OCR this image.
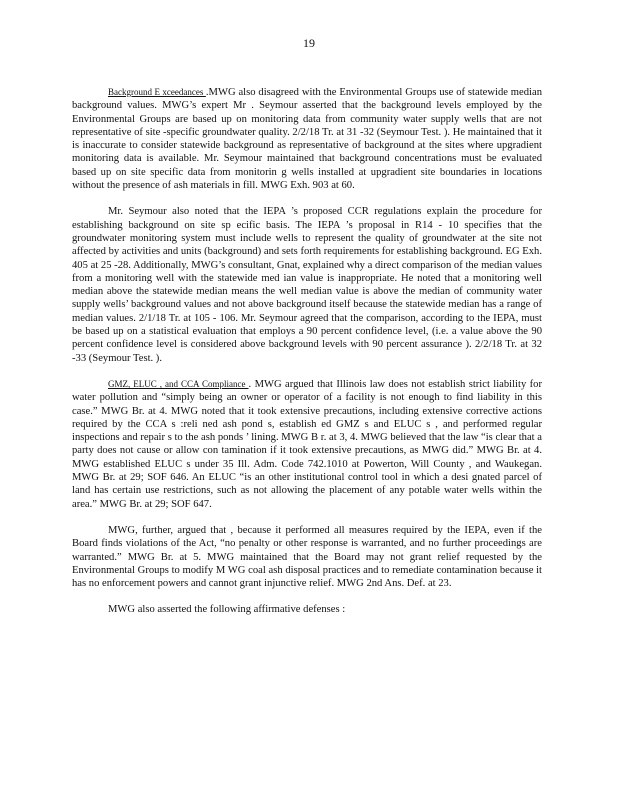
19

Background E xceedances .MWG also disagreed with the Environmental Groups use of statewide median background values. MWG’s expert Mr . Seymour asserted that the background levels employed by the Environmental Groups are based up on monitoring data from community water supply wells that are not representative of site -specific groundwater quality. 2/2/18 Tr. at 31 -32 (Seymour Test. ). He maintained that it is inaccurate to consider statewide background as representative of background at the sites where upgradient monitoring data is available. Mr. Seymour maintained that background concentrations must be evaluated based up on site specific data from monitorin g wells installed at upgradient site boundaries in locations without the presence of ash materials in fill. MWG Exh. 903 at 60.

Mr. Seymour also noted that the IEPA ’s proposed CCR regulations explain the procedure for establishing background on site sp ecific basis. The IEPA ’s proposal in R14 - 10 specifies that the groundwater monitoring system must include wells to represent the quality of groundwater at the site not affected by activities and units (background) and sets forth requirements for establishing background. EG Exh. 405 at 25 -28. Additionally, MWG’s consultant, Gnat, explained why a direct comparison of the median values from a monitoring well with the statewide med ian value is inappropriate. He noted that a monitoring well median above the statewide median means the well median value is above the median of community water supply wells’ background values and not above background itself because the statewide median has a range of median values. 2/1/18 Tr. at 105 - 106. Mr. Seymour agreed that the comparison, according to the IEPA, must be based up on a statistical evaluation that employs a 90 percent confidence level, (i.e. a value above the 90 percent confidence level is considered above background levels with 90 percent assurance ). 2/2/18 Tr. at 32 -33 (Seymour Test. ).

GMZ, ELUC , and CCA Compliance . MWG argued that Illinois law does not establish strict liability for water pollution and “simply being an owner or operator of a facility is not enough to find liability in this case.” MWG Br. at 4. MWG noted that it took extensive precautions, including extensive corrective actions required by the CCA s :reli ned ash pond s, establish ed GMZ s and ELUC s , and performed regular inspections and repair s to the ash ponds ’ lining. MWG B r. at 3, 4. MWG believed that the law “is clear that a party does not cause or allow con tamination if it took extensive precautions, as MWG did.” MWG Br. at 4. MWG established ELUC s under 35 Ill. Adm. Code 742.1010 at Powerton, Will County , and Waukegan. MWG Br. at 29; SOF 646. An ELUC “is an other institutional control tool in which a desi gnated parcel of land has certain use restrictions, such as not allowing the placement of any potable water wells within the area.” MWG Br. at 29; SOF 647.

MWG, further, argued that , because it performed all measures required by the IEPA, even if the Board finds violations of the Act, “no penalty or other response is warranted, and no further proceedings are warranted.” MWG Br. at 5. MWG maintained that the Board may not grant relief requested by the Environmental Groups to modify M WG coal ash disposal practices and to remediate contamination because it has no enforcement powers and cannot grant injunctive relief. MWG 2nd Ans. Def. at 23.

MWG also asserted the following affirmative defenses :
